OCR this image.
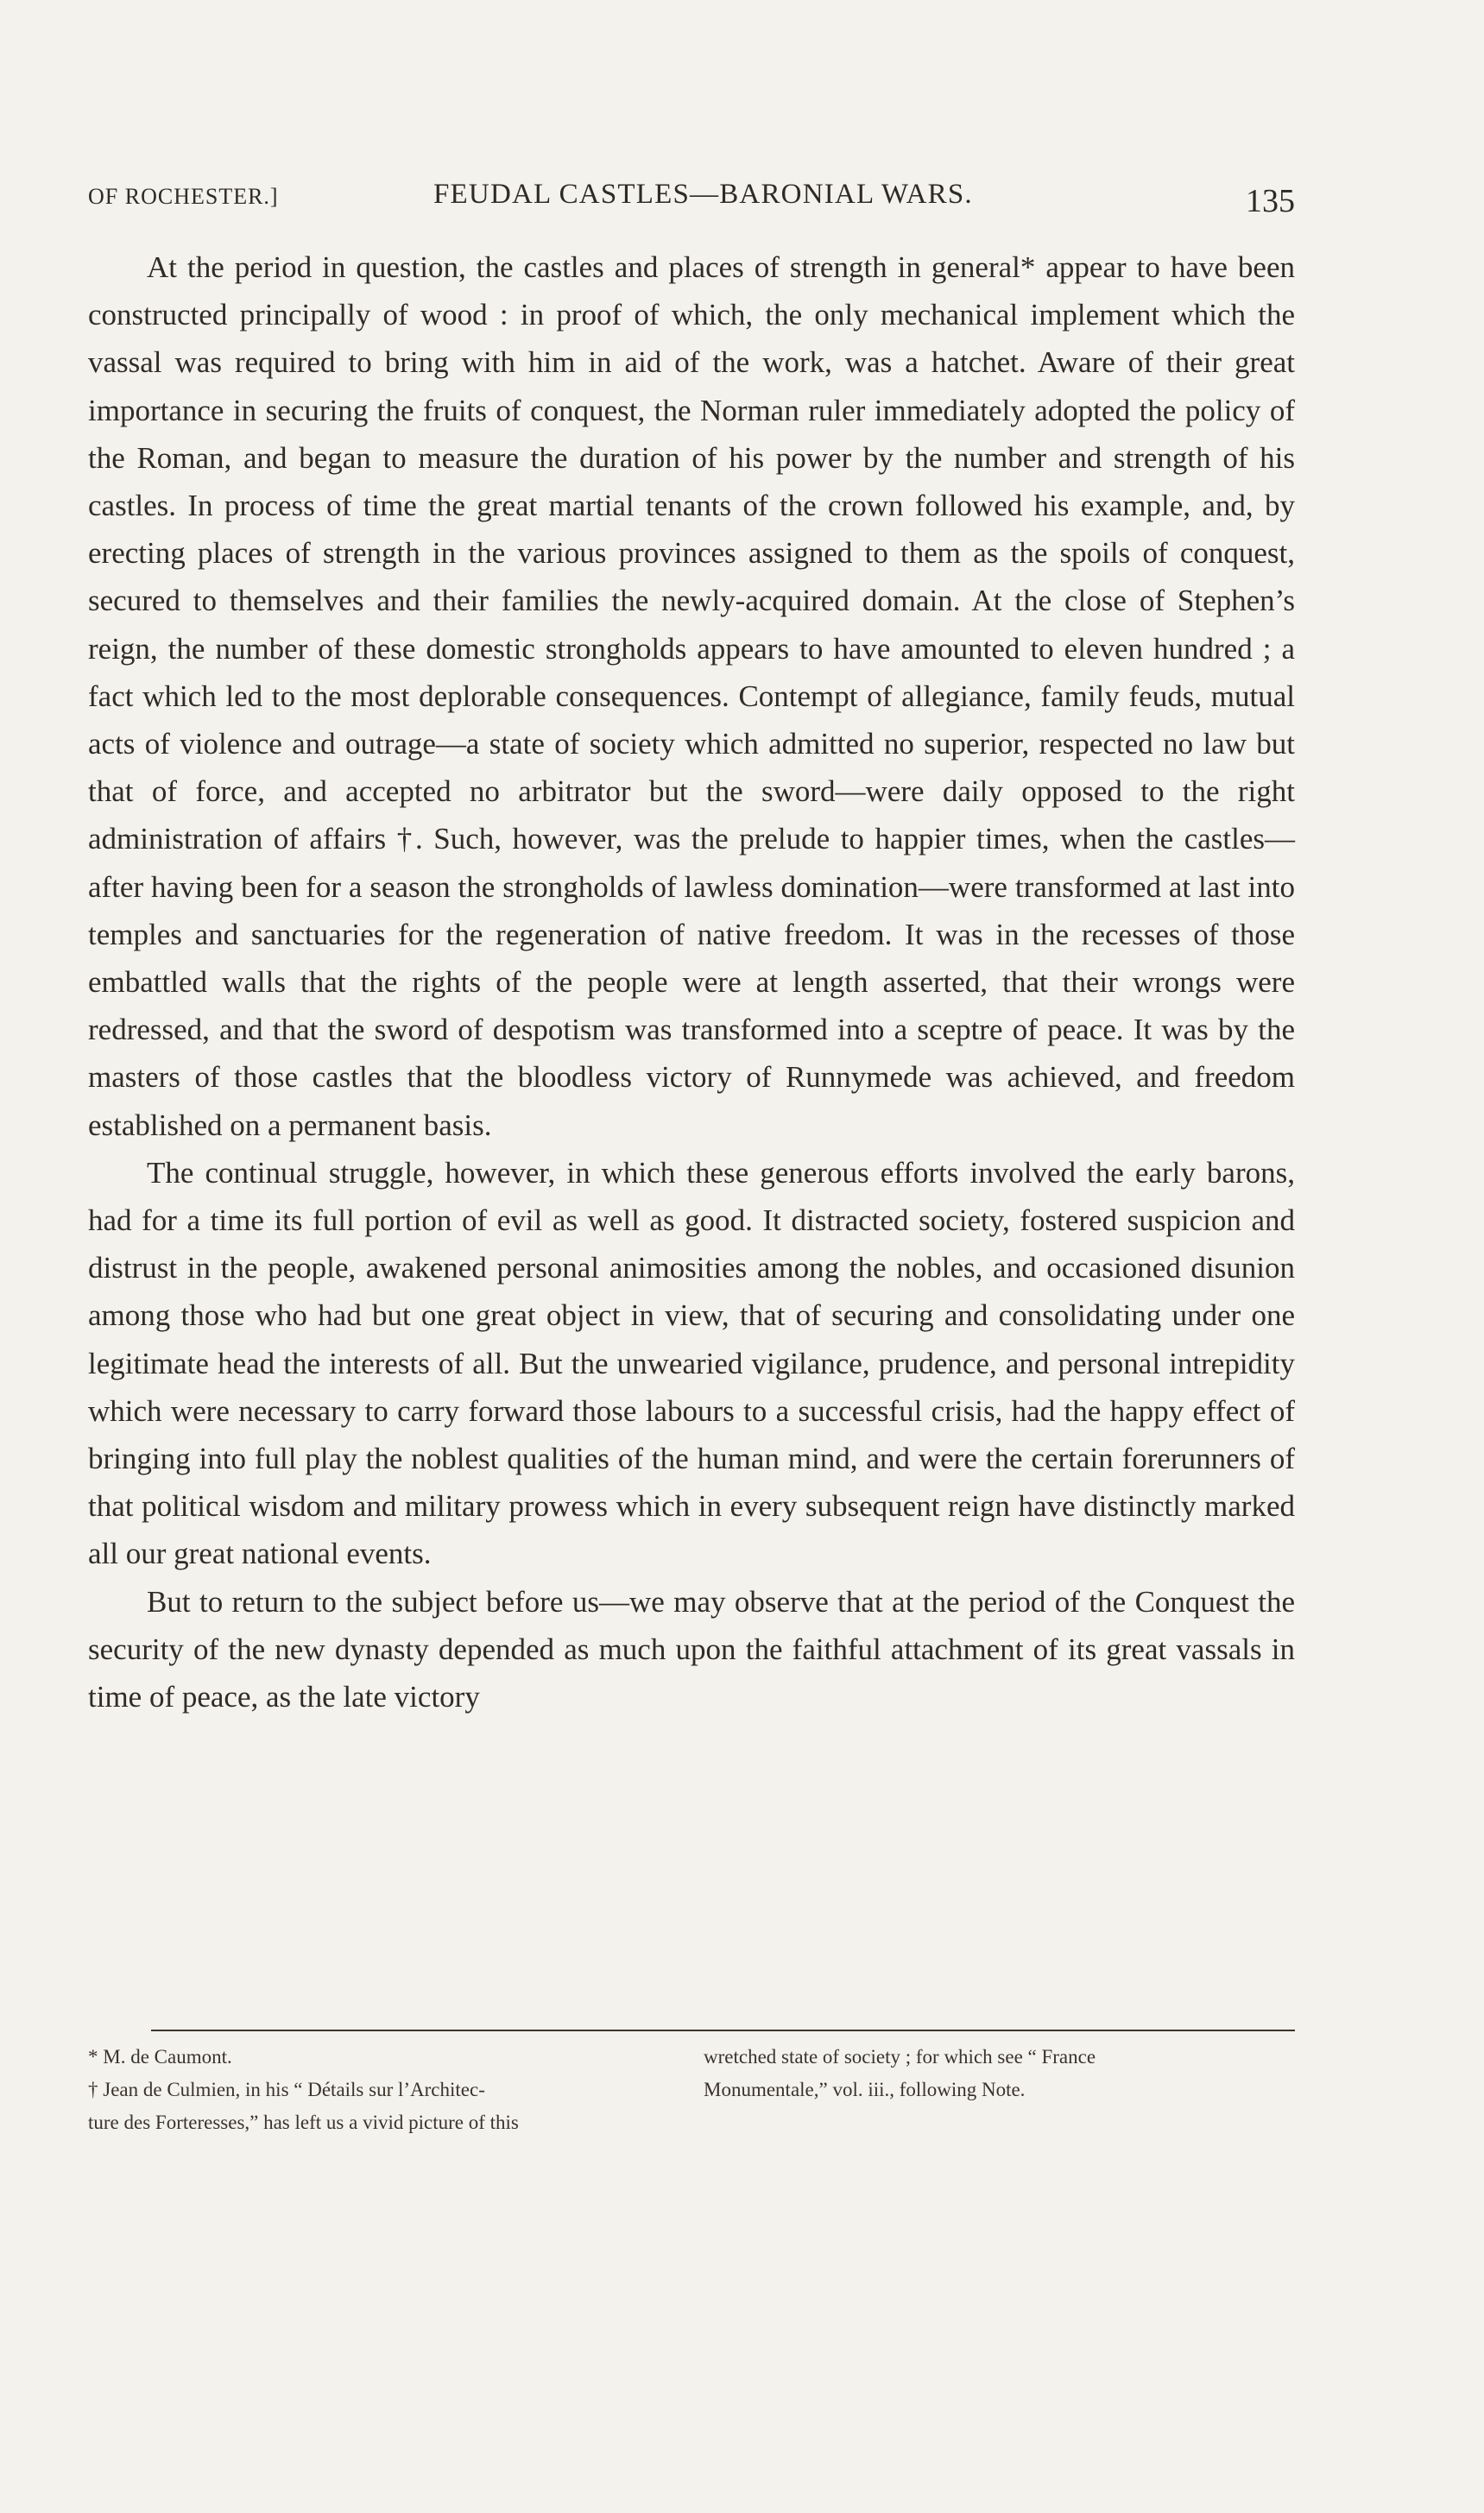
OF ROCHESTER.]	FEUDAL CASTLES—BARONIAL WARS.	135

At the period in question, the castles and places of strength in general* appear to have been constructed principally of wood : in proof of which, the only mechanical implement which the vassal was required to bring with him in aid of the work, was a hatchet. Aware of their great importance in securing the fruits of conquest, the Norman ruler immediately adopted the policy of the Roman, and began to measure the duration of his power by the number and strength of his castles. In process of time the great martial tenants of the crown followed his example, and, by erecting places of strength in the various provinces assigned to them as the spoils of conquest, secured to themselves and their families the newly-acquired domain. At the close of Stephen’s reign, the number of these domestic strongholds appears to have amounted to eleven hundred ; a fact which led to the most deplorable consequences. Contempt of allegiance, family feuds, mutual acts of violence and outrage—a state of society which admitted no superior, respected no law but that of force, and accepted no arbitrator but the sword—were daily opposed to the right administration of affairs †. Such, however, was the prelude to happier times, when the castles—after having been for a season the strongholds of lawless domination—were transformed at last into temples and sanctuaries for the regeneration of native freedom. It was in the recesses of those embattled walls that the rights of the people were at length asserted, that their wrongs were redressed, and that the sword of despotism was transformed into a sceptre of peace. It was by the masters of those castles that the bloodless victory of Runnymede was achieved, and freedom established on a permanent basis.

The continual struggle, however, in which these generous efforts involved the early barons, had for a time its full portion of evil as well as good. It distracted society, fostered suspicion and distrust in the people, awakened personal animosities among the nobles, and occasioned disunion among those who had but one great object in view, that of securing and consolidating under one legitimate head the interests of all. But the unwearied vigilance, prudence, and personal intrepidity which were necessary to carry forward those labours to a successful crisis, had the happy effect of bringing into full play the noblest qualities of the human mind, and were the certain forerunners of that political wisdom and military prowess which in every subsequent reign have distinctly marked all our great national events.

But to return to the subject before us—we may observe that at the period of the Conquest the security of the new dynasty depended as much upon the faithful attachment of its great vassals in time of peace, as the late victory

* M. de Caumont.
† Jean de Culmien, in his “ Détails sur l’Architec-
ture des Forteresses,” has left us a vivid picture of this
wretched state of society ; for which see “ France
Monumentale,” vol. iii., following Note.
